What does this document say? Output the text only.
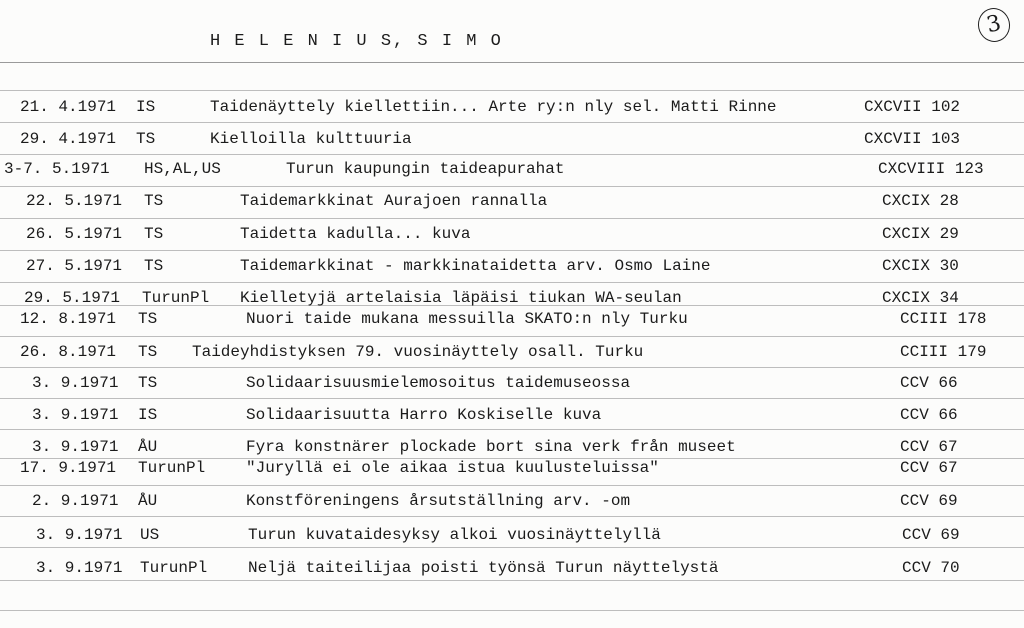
H E L E N I U S, S I M O
3
21. 4.1971 IS	Taidenäyttely kiellettiin... Arte ry:n nly sel. Matti Rinne	CXCVII 102
29. 4.1971 TS	Kielloilla kulttuuria	CXCVII 103
3-7. 5.1971 HS,AL,US	Turun kaupungin taideapurahat	CXCVIII 123
22. 5.1971 TS	Taidemarkkinat Aurajoen rannalla	CXCIX 28
26. 5.1971 TS	Taidetta kadulla... kuva	CXCIX 29
27. 5.1971 TS	Taidemarkkinat - markkinataidetta arv. Osmo Laine	CXCIX 30
29. 5.1971 TurunPl Kielletyjä artelaisia läpäisi tiukan WA-seulan	CXCIX 34
12. 8.1971 TS	Nuori taide mukana messuilla SKATO:n nly Turku	CCIII 178
26. 8.1971 TS Taideyhdistyksen 79. vuosinäyttely osall. Turku	CCIII 179
3. 9.1971 TS	Solidaarisuusmielemosoitus taidemuseossa	CCV 66
3. 9.1971 IS	Solidaarisuutta Harro Koskiselle kuva	CCV 66
3. 9.1971 ÅU	Fyra konstnärer plockade bort sina verk från museet	CCV 67
17. 9.1971 TurunPl	"Juryllä ei ole aikaa istua kuulusteluissa"	CCV 67
2. 9.1971 ÅU	Konstföreningens årsutställning arv. -om	CCV 69
3. 9.1971 US	Turun kuvataidesyksy alkoi vuosinäyttelyllä	CCV 69
3. 9.1971 TurunPl	Neljä taiteilijaa poisti työnsä Turun näyttelystä	CCV 70
